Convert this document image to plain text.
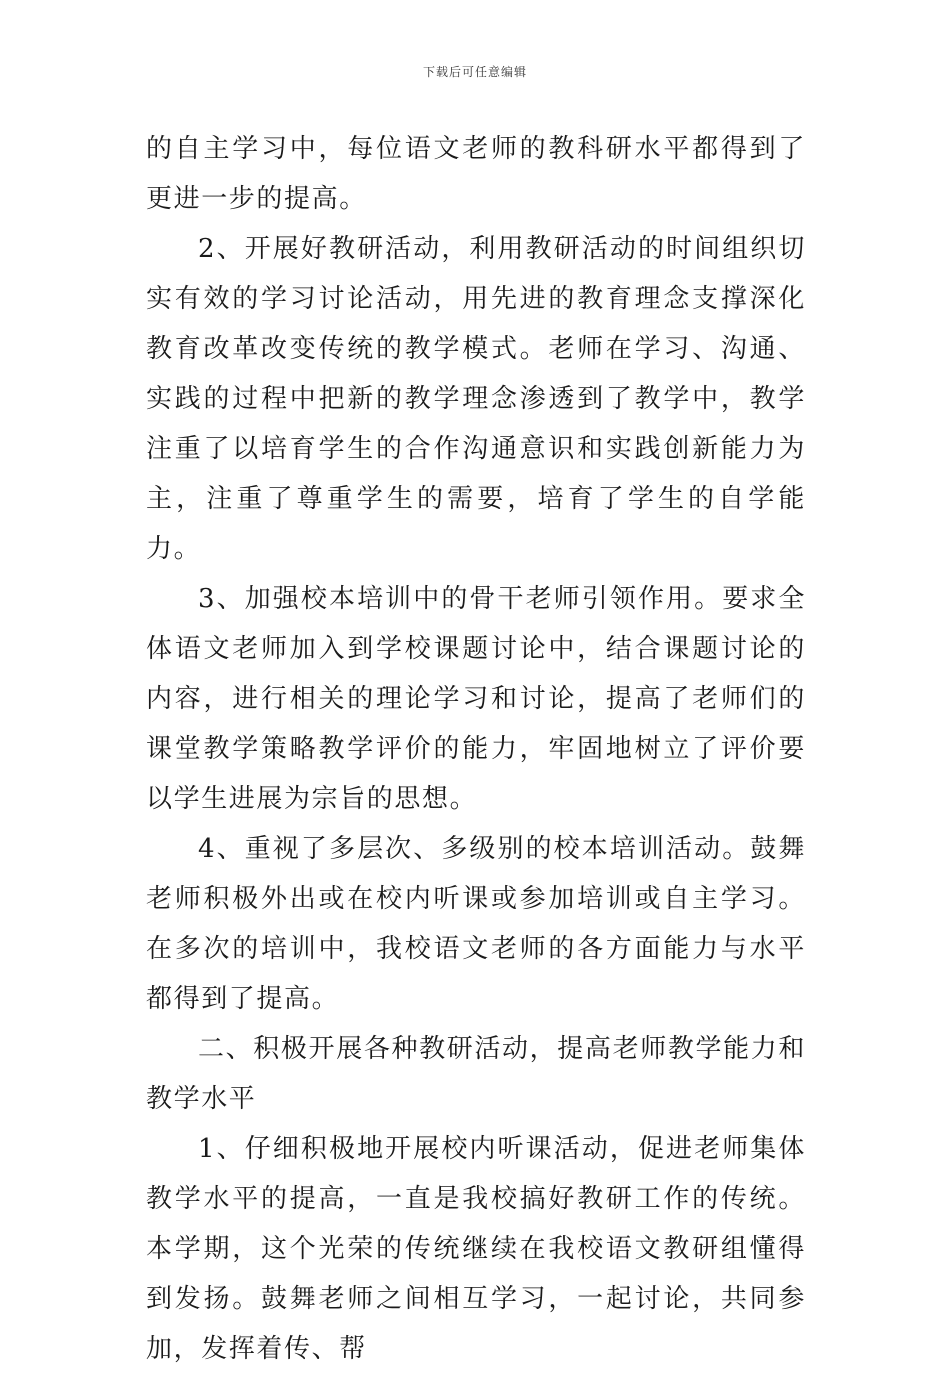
下载后可任意编辑

的自主学习中，每位语文老师的教科研水平都得到了更进一步的提高。

2、开展好教研活动，利用教研活动的时间组织切实有效的学习讨论活动，用先进的教育理念支撑深化教育改革改变传统的教学模式。老师在学习、沟通、实践的过程中把新的教学理念渗透到了教学中，教学注重了以培育学生的合作沟通意识和实践创新能力为主，注重了尊重学生的需要，培育了学生的自学能力。

3、加强校本培训中的骨干老师引领作用。要求全体语文老师加入到学校课题讨论中，结合课题讨论的内容，进行相关的理论学习和讨论，提高了老师们的课堂教学策略教学评价的能力，牢固地树立了评价要以学生进展为宗旨的思想。

4、重视了多层次、多级别的校本培训活动。鼓舞老师积极外出或在校内听课或参加培训或自主学习。在多次的培训中，我校语文老师的各方面能力与水平都得到了提高。

二、积极开展各种教研活动，提高老师教学能力和教学水平

1、仔细积极地开展校内听课活动，促进老师集体教学水平的提高，一直是我校搞好教研工作的传统。本学期，这个光荣的传统继续在我校语文教研组懂得到发扬。鼓舞老师之间相互学习，一起讨论，共同参加，发挥着传、帮
